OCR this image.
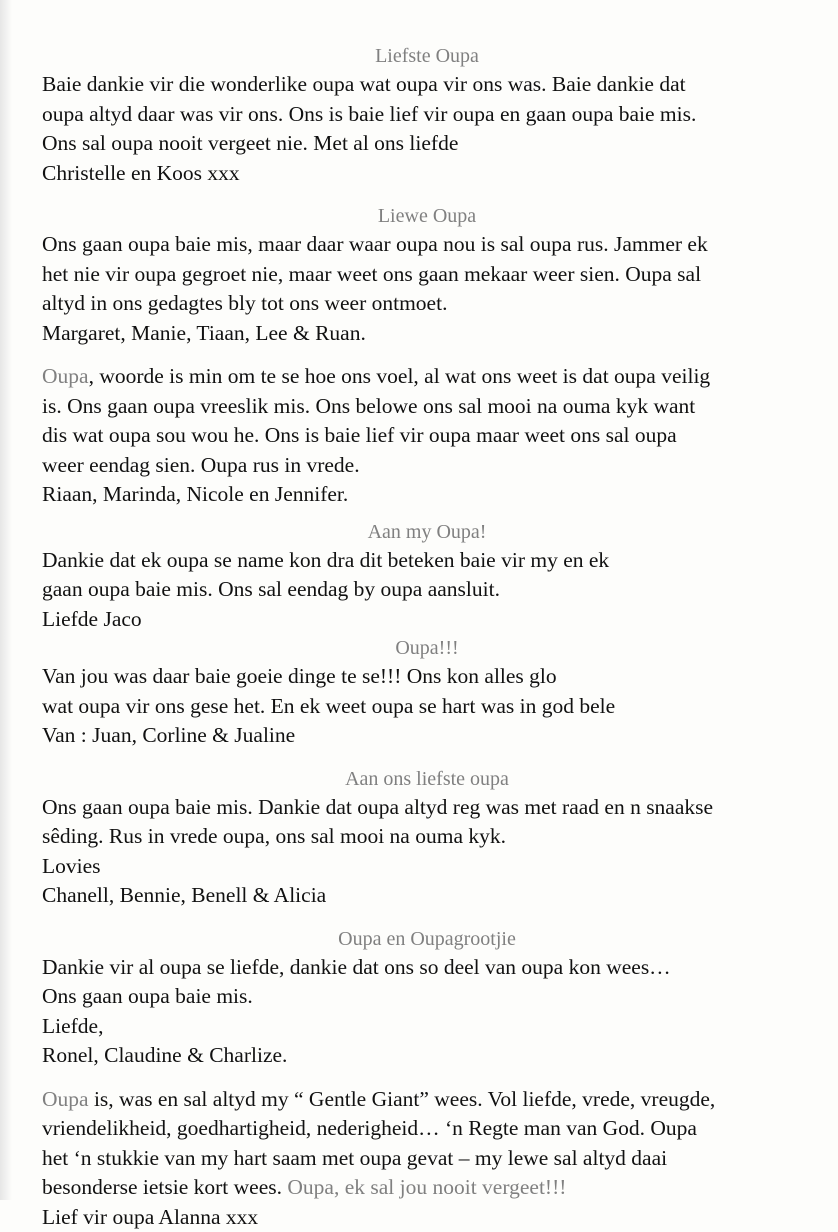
Liefste Oupa

Baie dankie vir die wonderlike oupa wat oupa vir ons was. Baie dankie dat
oupa altyd daar was vir ons. Ons is baie lief vir oupa en gaan oupa baie mis.
Ons sal oupa nooit vergeet nie. Met al ons liefde
Christelle en Koos xxx

Liewe Oupa

Ons gaan oupa baie mis, maar daar waar oupa nou is sal oupa rus. Jammer ek
het nie vir oupa gegroet nie, maar weet ons gaan mekaar weer sien. Oupa sal
altyd in ons gedagtes bly tot ons weer ontmoet.
Margaret, Manie, Tiaan, Lee & Ruan.

Oupa, woorde is min om te se hoe ons voel, al wat ons weet is dat oupa veilig
is. Ons gaan oupa vreeslik mis. Ons belowe ons sal mooi na ouma kyk want
dis wat oupa sou wou he. Ons is baie lief vir oupa maar weet ons sal oupa
weer eendag sien. Oupa rus in vrede.
Riaan, Marinda, Nicole en Jennifer.

Aan my Oupa!

Dankie dat ek oupa se name kon dra dit beteken baie vir my en ek
gaan oupa baie mis. Ons sal eendag by oupa aansluit.
Liefde Jaco

Oupa!!!

Van jou was daar baie goeie dinge te se!!! Ons kon alles glo
wat oupa vir ons gese het. En ek weet oupa se hart was in god bele
Van : Juan, Corline & Jualine

Aan ons liefste oupa

Ons gaan oupa baie mis. Dankie dat oupa altyd reg was met raad en n snaakse
sêding. Rus in vrede oupa, ons sal mooi na ouma kyk.
Lovies
Chanell, Bennie, Benell & Alicia

Oupa en Oupagrootjie

Dankie vir al oupa se liefde, dankie dat ons so deel van oupa kon wees…
Ons gaan oupa baie mis.
Liefde,
Ronel, Claudine & Charlize.

Oupa is, was en sal altyd my “ Gentle Giant” wees. Vol liefde, vrede, vreugde,
vriendelikheid, goedhartigheid, nederigheid… ‘n Regte man van God. Oupa
het ‘n stukkie van my hart saam met oupa gevat – my lewe sal altyd daai
besonderse ietsie kort wees. Oupa, ek sal jou nooit vergeet!!!
Lief vir oupa Alanna xxx
